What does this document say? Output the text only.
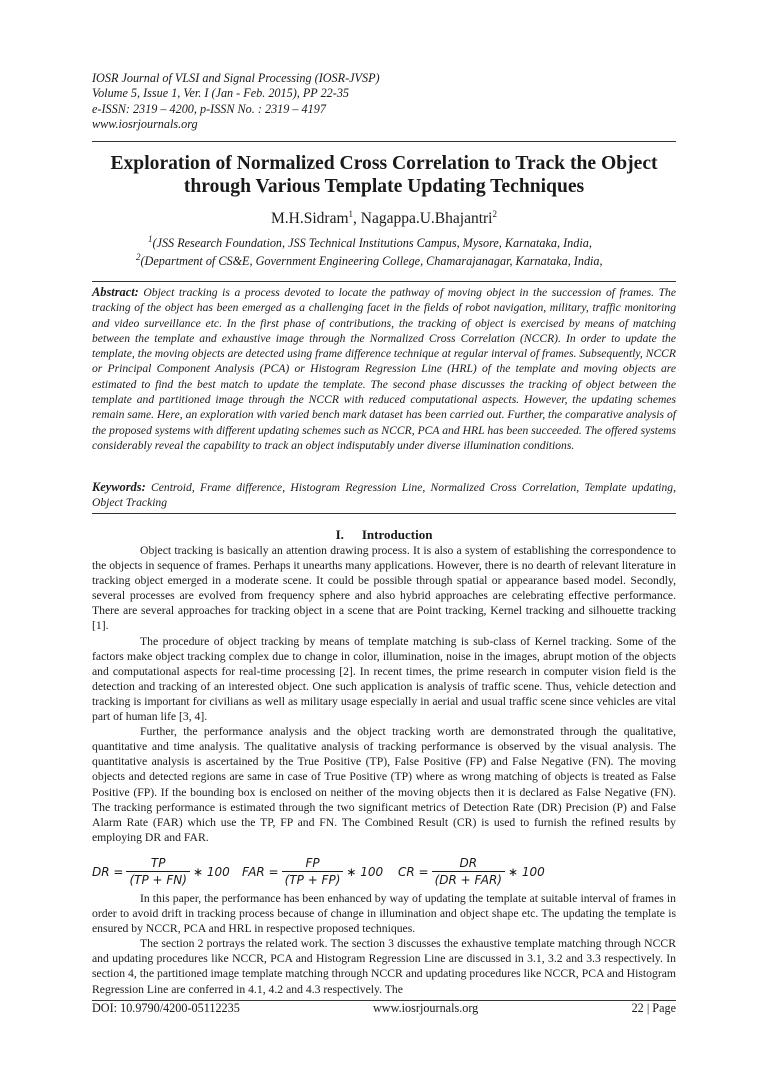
IOSR Journal of VLSI and Signal Processing (IOSR-JVSP)
Volume 5, Issue 1, Ver. I (Jan - Feb. 2015), PP 22-35
e-ISSN: 2319 – 4200, p-ISSN No. : 2319 – 4197
www.iosrjournals.org
Exploration of Normalized Cross Correlation to Track the Object
through Various Template Updating Techniques
M.H.Sidram$^1$, Nagappa.U.Bhajantri$^2$
$^1$(JSS Research Foundation, JSS Technical Institutions Campus, Mysore, Karnataka, India,
$^2$(Department of CS&E, Government Engineering College, Chamarajanagar, Karnataka, India,
Abstract: Object tracking is a process devoted to locate the pathway of moving object in the succession of frames. The tracking of the object has been emerged as a challenging facet in the fields of robot navigation, military, traffic monitoring and video surveillance etc. In the first phase of contributions, the tracking of object is exercised by means of matching between the template and exhaustive image through the Normalized Cross Correlation (NCCR). In order to update the template, the moving objects are detected using frame difference technique at regular interval of frames. Subsequently, NCCR or Principal Component Analysis (PCA) or Histogram Regression Line (HRL) of the template and moving objects are estimated to find the best match to update the template. The second phase discusses the tracking of object between the template and partitioned image through the NCCR with reduced computational aspects. However, the updating schemes remain same. Here, an exploration with varied bench mark dataset has been carried out. Further, the comparative analysis of the proposed systems with different updating schemes such as NCCR, PCA and HRL has been succeeded. The offered systems considerably reveal the capability to track an object indisputably under diverse illumination conditions.
Keywords: Centroid, Frame difference, Histogram Regression Line, Normalized Cross Correlation, Template updating, Object Tracking
I. Introduction

Object tracking is basically an attention drawing process. It is also a system of establishing the correspondence to the objects in sequence of frames. Perhaps it unearths many applications. However, there is no dearth of relevant literature in tracking object emerged in a moderate scene. It could be possible through spatial or appearance based model. Secondly, several processes are evolved from frequency sphere and also hybrid approaches are celebrating effective performance. There are several approaches for tracking object in a scene that are Point tracking, Kernel tracking and silhouette tracking [1].

The procedure of object tracking by means of template matching is sub-class of Kernel tracking. Some of the factors make object tracking complex due to change in color, illumination, noise in the images, abrupt motion of the objects and computational aspects for real-time processing [2]. In recent times, the prime research in computer vision field is the detection and tracking of an interested object. One such application is analysis of traffic scene. Thus, vehicle detection and tracking is important for civilians as well as military usage especially in aerial and usual traffic scene since vehicles are vital part of human life [3, 4].

Further, the performance analysis and the object tracking worth are demonstrated through the qualitative, quantitative and time analysis. The qualitative analysis of tracking performance is observed by the visual analysis. The quantitative analysis is ascertained by the True Positive (TP), False Positive (FP) and False Negative (FN). The moving objects and detected regions are same in case of True Positive (TP) where as wrong matching of objects is treated as False Positive (FP). If the bounding box is enclosed on neither of the moving objects then it is declared as False Negative (FN). The tracking performance is estimated through the two significant metrics of Detection Rate (DR) Precision (P) and False Alarm Rate (FAR) which use the TP, FP and FN. The Combined Result (CR) is used to furnish the refined results by employing DR and FAR.

DR = $\frac{TP}{(TP + FN)}$ ∗ 100 FAR = $\frac{FP}{(TP + FP)}$ ∗ 100 CR = $\frac{DR}{\text{(DR + FAR)}}$ ∗ 100

In this paper, the performance has been enhanced by way of updating the template at suitable interval of frames in order to avoid drift in tracking process because of change in illumination and object shape etc. The updating the template is ensured by NCCR, PCA and HRL in respective proposed techniques.

The section 2 portrays the related work. The section 3 discusses the exhaustive template matching through NCCR and updating procedures like NCCR, PCA and Histogram Regression Line are discussed in 3.1, 3.2 and 3.3 respectively. In section 4, the partitioned image template matching through NCCR and updating procedures like NCCR, PCA and Histogram Regression Line are conferred in 4.1, 4.2 and 4.3 respectively. The

DOI: 10.9790/4200-05112235	www.iosrjournals.org	22 | Page
